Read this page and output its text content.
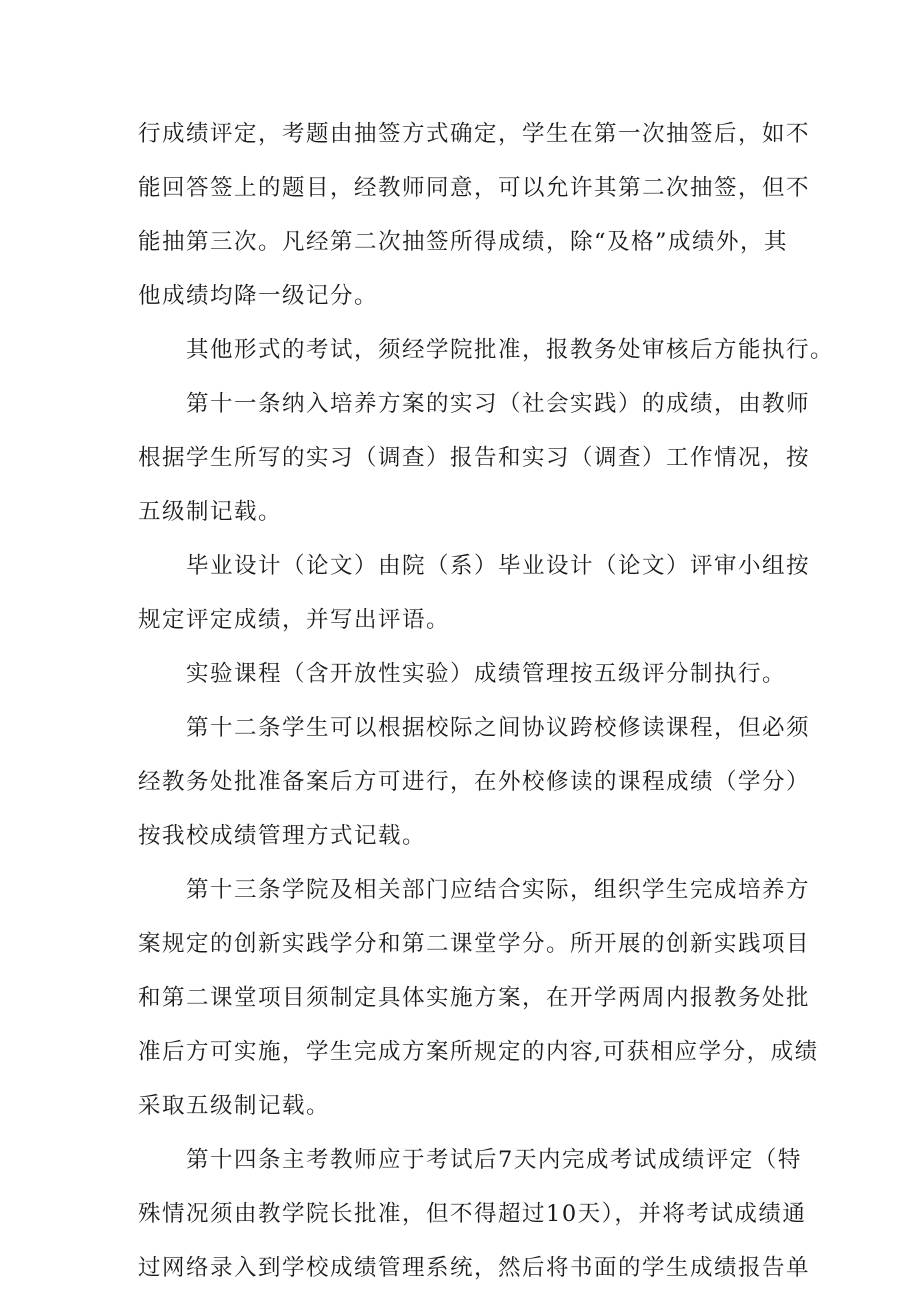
行成绩评定，考题由抽签方式确定，学生在第一次抽签后，如不
能回答签上的题目，经教师同意，可以允许其第二次抽签，但不
能抽第三次。凡经第二次抽签所得成绩，除“及格”成绩外，其
他成绩均降一级记分。
其他形式的考试，须经学院批准，报教务处审核后方能执行。
第十一条纳入培养方案的实习（社会实践）的成绩，由教师
根据学生所写的实习（调查）报告和实习（调查）工作情况，按
五级制记载。
毕业设计（论文）由院（系）毕业设计（论文）评审小组按
规定评定成绩，并写出评语。
实验课程（含开放性实验）成绩管理按五级评分制执行。
第十二条学生可以根据校际之间协议跨校修读课程，但必须
经教务处批准备案后方可进行，在外校修读的课程成绩（学分）
按我校成绩管理方式记载。
第十三条学院及相关部门应结合实际，组织学生完成培养方
案规定的创新实践学分和第二课堂学分。所开展的创新实践项目
和第二课堂项目须制定具体实施方案，在开学两周内报教务处批
准后方可实施，学生完成方案所规定的内容,可获相应学分，成绩
采取五级制记载。
第十四条主考教师应于考试后7天内完成考试成绩评定（特
殊情况须由教学院长批准，但不得超过10天），并将考试成绩通
过网络录入到学校成绩管理系统，然后将书面的学生成绩报告单
